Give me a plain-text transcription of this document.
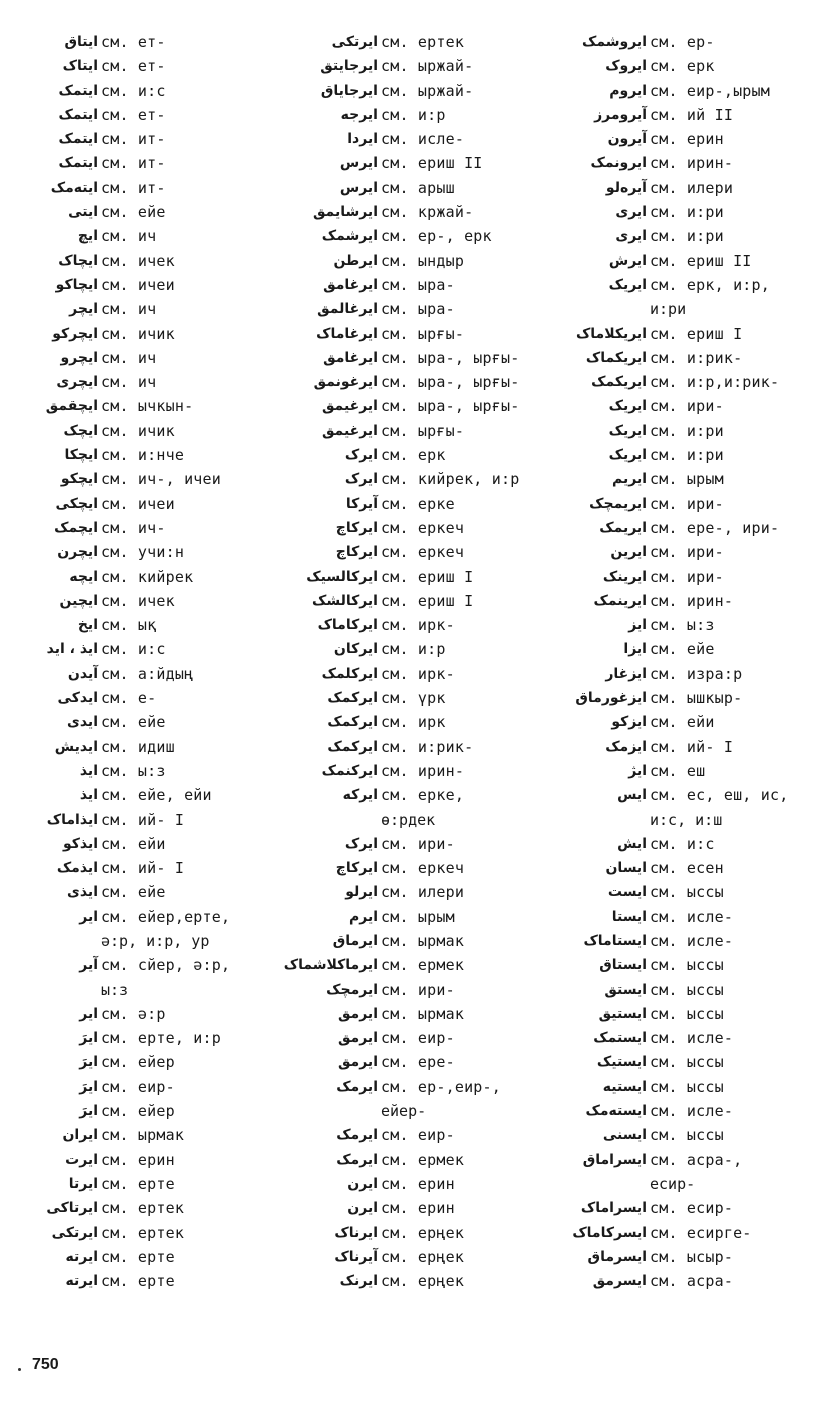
ایتاق см. ет-
ایتاک см. ет-
ایتمک см. и:с
ایتمک см. ет-
ایتمک см. ит-
ایتمک см. ит-
ایته‌مک см. ит-
ایتی см. ейе
ایچ см. ич
ایچاک см. ичек
ایچاکو см. ичеи
ایچر см. ич
ایچرکو см. ичик
ایچرو см. ич
ایچری см. ич
ایچقمق см. ычкын-
ایچک см. ичик
ایچکا см. и:нче
ایچکو см. ич-, ичеи
ایچکی см. ичеи
ایچمک см. ич-
ایچرن см. учи:н
ایچه см. кийрек
ایچین см. ичек
ایخ см. ық
ایذ ، اید см. и:с
آیدن см. а:йдың
ایدکی см. е-
ایدی см. ейе
ایدیش см. идиш
ایذ см. ы:з
ایذ см. ейе, ейи
ایذاماک см. ий- I
ایذکو см. ейи
ایذمک см. ий- I
ایذی см. ейе
ایر см. ейер,ерте,
ә:р, и:р, ур
آیر см. сйер, ә:р,
ы:з
ایر см. ә:р
ایرَ см. ерте, и:р
ایرَ см. ейер
ایرَ см. еир-
ایرَ см. ейер
ایران см. ырмак
ایرت см. ерин
ایرتا см. ерте
ایرتاکی см. ертек
ایرتکی см. ертек
ایرته см. ерте
ایرته см. ерте
ایرتکی см. ертек
ایرجایتق см. ыржай-
ایرجایاق см. ыржай-
ایرجه см. и:р
ایردا см. исле-
ایرس см. ериш II
ایرس см. арыш
ایرشایمق см. кржай-
ایرشمک см. ер-, ерк
ایرطن см. ындыр
ایرغامق см. ыра-
ایرغالمق см. ыра-
ایرغاماک см. ырғы-
ایرغامق см. ыра-, ырғы-
ایرغونمق см. ыра-, ырғы-
ایرغیمق см. ыра-, ырғы-
ایرغیمق см. ырғы-
ایرک см. ерк
ایرک см. кийрек, и:р
آیرکا см. ерке
ایرکاچ см. еркеч
ایرکاچ см. еркеч
ایرکالسیک см. ериш I
ایرکالشک см. ериш I
ایرکاماک см. ирк-
ایرکان см. и:р
ایرکلمک см. ирк-
ایرکمک см. үрк
ایرکمک см. ирк
ایرکمک см. и:рик-
ایرکنمک см. ирин-
ایرکه см. ерке,
ө:рдек
ایرک см. ири-
ایرکاچ см. еркеч
ایرلو см. илери
ایرم см. ырым
ایرماق см. ырмак
ایرماکلاشماک см. ермек
ایرمچک см. ири-
ایرمق см. ырмак
ایرمق см. еир-
ایرمق см. ере-
ایرمک см. ер-,еир-,
ейер-
ایرمک см. еир-
ایرمک см. ермек
ایرن см. ерин
ایرن см. ерин
ایرناک см. ерңек
آیرناک см. ерңек
ایرنک см. ерңек
ایروشمک см. ер-
ایروک см. ерк
ایروم см. еир-,ырым
آیرومرز см. ий II
آیرون см. ерин
ایرونمک см. ирин-
آیره‌لو см. илери
ایری см. и:ри
ایری см. и:ри
ایرش см. ериш II
ایریک см. ерк, и:р,
и:ри
ایریکلاماک см. ериш I
ایریکماک см. и:рик-
ایریکمک см. и:р,и:рик-
ایریک см. ири-
ایریک см. и:ри
ایریک см. и:ри
ایریم см. ырым
ایریمچک см. ири-
ایریمک см. ере-, ири-
ایرین см. ири-
ایرینک см. ири-
ایرینمک см. ирин-
ایز см. ы:з
ایزا см. ейе
ایزغار см. изра:р
ایزغورماق см. ышкыр-
ایزکو см. ейи
ایزمک см. ий- I
ایژ см. еш
ایس см. ес, еш, ис,
и:с, и:ш
ایش см. и:с
ایسان см. есен
ایست см. ыссы
ایستا см. исле-
ایستاماک см. исле-
ایستاق см. ыссы
ایستق см. ыссы
ایستیق см. ыссы
ایستمک см. исле-
ایستیک см. ыссы
ایستیه см. ыссы
ایسته‌مک см. исле-
ایسنی см. ыссы
ایسراماق см. асра-,
есир-
ایسراماک см. есир-
ایسرکاماک см. есирге-
ایسرماق см. ысыр-
ایسرمق см. асра-
750
